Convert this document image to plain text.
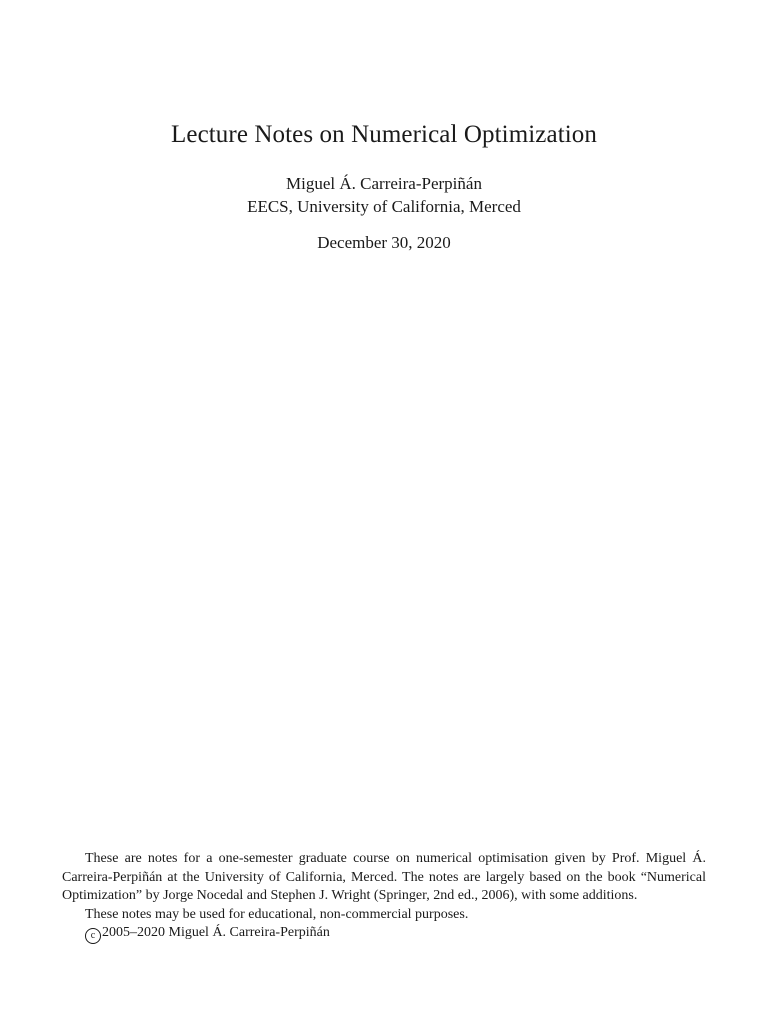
Lecture Notes on Numerical Optimization
Miguel Á. Carreira-Perpiñán
EECS, University of California, Merced
December 30, 2020

These are notes for a one-semester graduate course on numerical optimisation given by Prof. Miguel Á. Carreira-Perpiñán at the University of California, Merced. The notes are largely based on the book “Numerical Optimization” by Jorge Nocedal and Stephen J. Wright (Springer, 2nd ed., 2006), with some additions.

These notes may be used for educational, non-commercial purposes.

c 2005–2020 Miguel Á. Carreira-Perpiñán
